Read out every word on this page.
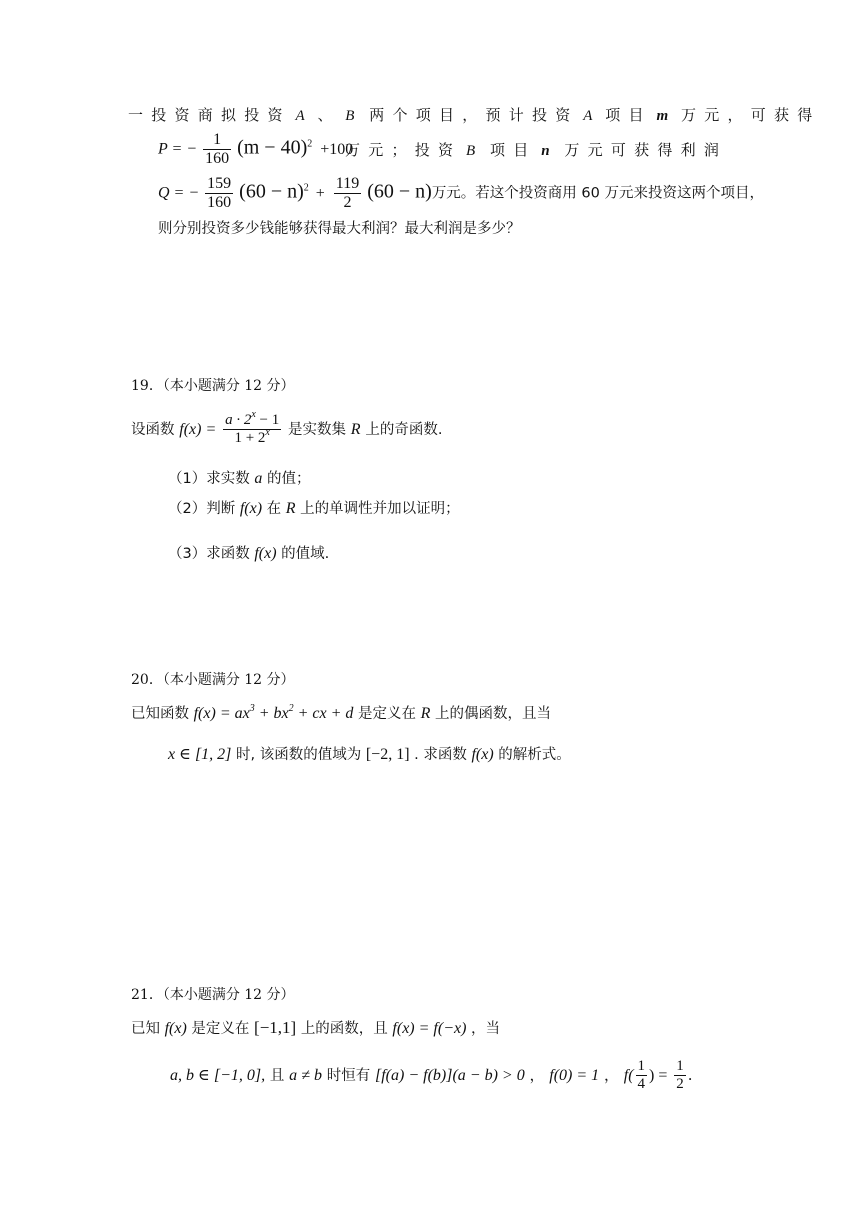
一投资商拟投资 A 、 B 两个项目，预计投资 A 项目 m 万元，可获得
P = − $\frac{1}{160} (m - 40)^2 +100$
万元；投资 B 项目 n 万元可获得利润
Q = − $\frac{159}{160} (60 - n)^2 + \frac{119}{2} (60 - n)$万元。若这个投资商用 60 万元来投资这两个项目，
则分别投资多少钱能够获得最大利润？最大利润是多少？
19．（本小题满分 12 分）
设函数 $f(x) = \frac{a \cdot 2^x - 1}{1 + 2^x}$ 是实数集 R 上的奇函数.
（1）求实数 a 的值；
（2）判断 f(x) 在 R 上的单调性并加以证明；
（3）求函数 f(x) 的值域.
20．（本小题满分 12 分）
已知函数 $f(x) = ax^3 + bx^2$ + cx + d 是定义在 R 上的偶函数，且当
x ∈ [1, 2] 时, 该函数的值域为 [−2, 1] . 求函数 f(x) 的解析式。
21．（本小题满分 12 分）
已知 f(x) 是定义在 [−1,1] 上的函数，且 f(x) = f(−x) ，当
a, b ∈ [−1, 0], 且 a ≠ b 时恒有 [f(a) − f(b)](a − b) > 0 ， f(0) = 1 ， $f( \frac{1}{4}$ ) = $\frac{1}{2}$ .
